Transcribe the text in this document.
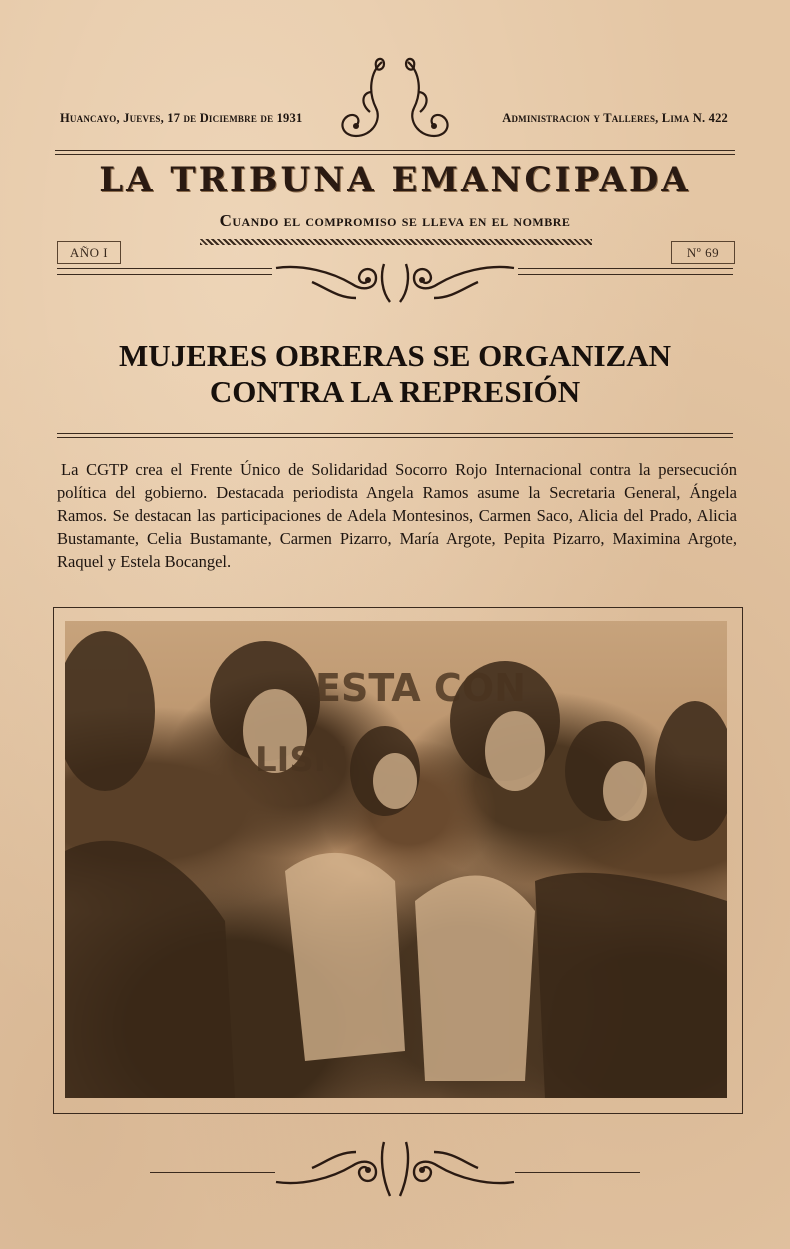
Huancayo, Jueves, 17 de Diciembre de 1931	Administracion y Talleres, Lima N. 422
LA TRIBUNA EMANCIPADA
Cuando el compromiso se lleva en el nombre
AÑO I	Nº 69
MUJERES OBRERAS SE ORGANIZAN
CONTRA LA REPRESIÓN
La CGTP crea el Frente Único de Solidaridad Socorro Rojo Internacional contra la persecución política del gobierno. Destacada periodista Angela Ramos asume la Secretaria General, Ángela Ramos. Se destacan las participaciones de Adela Montesinos, Carmen Saco, Alicia del Prado, Alicia Bustamante, Celia Bustamante, Carmen Pizarro, María Argote, Pepita Pizarro, Maximina Argote, Raquel y Estela Bocangel.
ESTA CON
LISM
